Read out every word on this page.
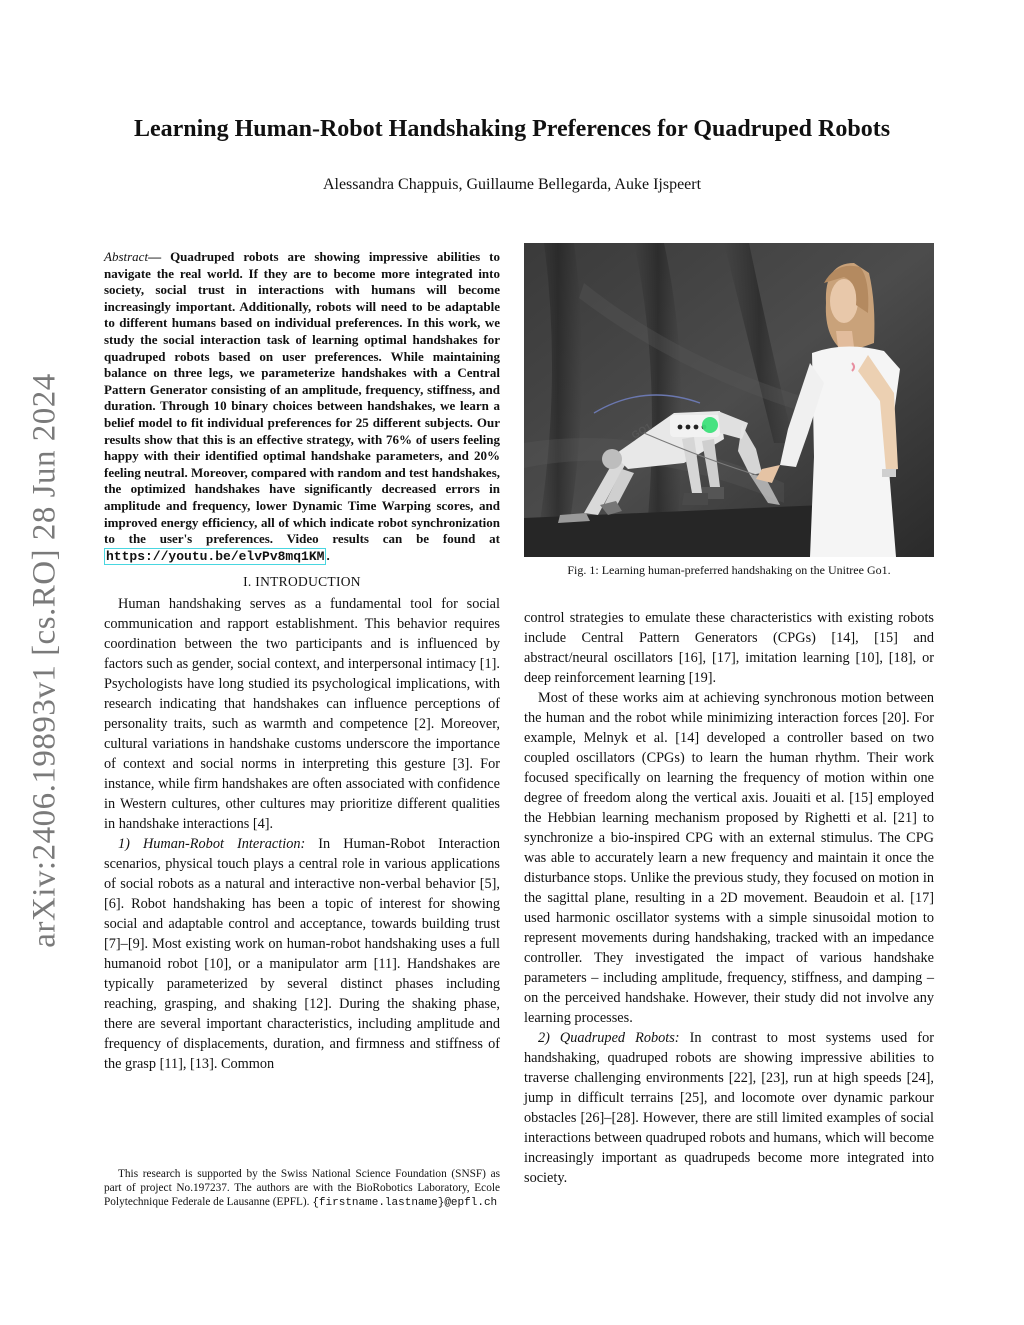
arXiv:2406.19893v1 [cs.RO] 28 Jun 2024
Learning Human-Robot Handshaking Preferences for Quadruped Robots

Alessandra Chappuis, Guillaume Bellegarda, Auke Ijspeert

Abstract— Quadruped robots are showing impressive abilities to navigate the real world. If they are to become more integrated into society, social trust in interactions with humans will become increasingly important. Additionally, robots will need to be adaptable to different humans based on individual preferences. In this work, we study the social interaction task of learning optimal handshakes for quadruped robots based on user preferences. While maintaining balance on three legs, we parameterize handshakes with a Central Pattern Generator consisting of an amplitude, frequency, stiffness, and duration. Through 10 binary choices between handshakes, we learn a belief model to fit individual preferences for 25 different subjects. Our results show that this is an effective strategy, with 76% of users feeling happy with their identified optimal handshake parameters, and 20% feeling neutral. Moreover, compared with random and test handshakes, the optimized handshakes have significantly decreased errors in amplitude and frequency, lower Dynamic Time Warping scores, and improved energy efficiency, all of which indicate robot synchronization to the user's preferences. Video results can be found at https://youtu.be/elvPv8mq1KM .

I. INTRODUCTION

Human handshaking serves as a fundamental tool for social communication and rapport establishment. This behavior requires coordination between the two participants and is influenced by factors such as gender, social context, and interpersonal intimacy [1]. Psychologists have long studied its psychological implications, with research indicating that handshakes can influence perceptions of personality traits, such as warmth and competence [2]. Moreover, cultural variations in handshake customs underscore the importance of context and social norms in interpreting this gesture [3]. For instance, while firm handshakes are often associated with confidence in Western cultures, other cultures may prioritize different qualities in handshake interactions [4].

1) Human-Robot Interaction: In Human-Robot Interaction scenarios, physical touch plays a central role in various applications of social robots as a natural and interactive non-verbal behavior [5], [6]. Robot handshaking has been a topic of interest for showing social and adaptable control and acceptance, towards building trust [7]–[9]. Most existing work on human-robot handshaking uses a full humanoid robot [10], or a manipulator arm [11]. Handshakes are typically parameterized by several distinct phases including reaching, grasping, and shaking [12]. During the shaking phase, there are several important characteristics, including amplitude and frequency of displacements, duration, and firmness and stiffness of the grasp [11], [13]. Common

This research is supported by the Swiss National Science Foundation (SNSF) as part of project No.197237. The authors are with the BioRobotics Laboratory, Ecole Polytechnique Federale de Lausanne (EPFL). {firstname.lastname}@epfl.ch

GO1

Fig. 1: Learning human-preferred handshaking on the Unitree Go1.

control strategies to emulate these characteristics with existing robots include Central Pattern Generators (CPGs) [14], [15] and abstract/neural oscillators [16], [17], imitation learning [10], [18], or deep reinforcement learning [19].

Most of these works aim at achieving synchronous motion between the human and the robot while minimizing interaction forces [20]. For example, Melnyk et al. [14] developed a controller based on two coupled oscillators (CPGs) to learn the human rhythm. Their work focused specifically on learning the frequency of motion within one degree of freedom along the vertical axis. Jouaiti et al. [15] employed the Hebbian learning mechanism proposed by Righetti et al. [21] to synchronize a bio-inspired CPG with an external stimulus. The CPG was able to accurately learn a new frequency and maintain it once the disturbance stops. Unlike the previous study, they focused on motion in the sagittal plane, resulting in a 2D movement. Beaudoin et al. [17] used harmonic oscillator systems with a simple sinusoidal motion to represent movements during handshaking, tracked with an impedance controller. They investigated the impact of various handshake parameters – including amplitude, frequency, stiffness, and damping – on the perceived handshake. However, their study did not involve any learning processes.

2) Quadruped Robots: In contrast to most systems used for handshaking, quadruped robots are showing impressive abilities to traverse challenging environments [22], [23], run at high speeds [24], jump in difficult terrains [25], and locomote over dynamic parkour obstacles [26]–[28]. However, there are still limited examples of social interactions between quadruped robots and humans, which will become increasingly important as quadrupeds become more integrated into society.
